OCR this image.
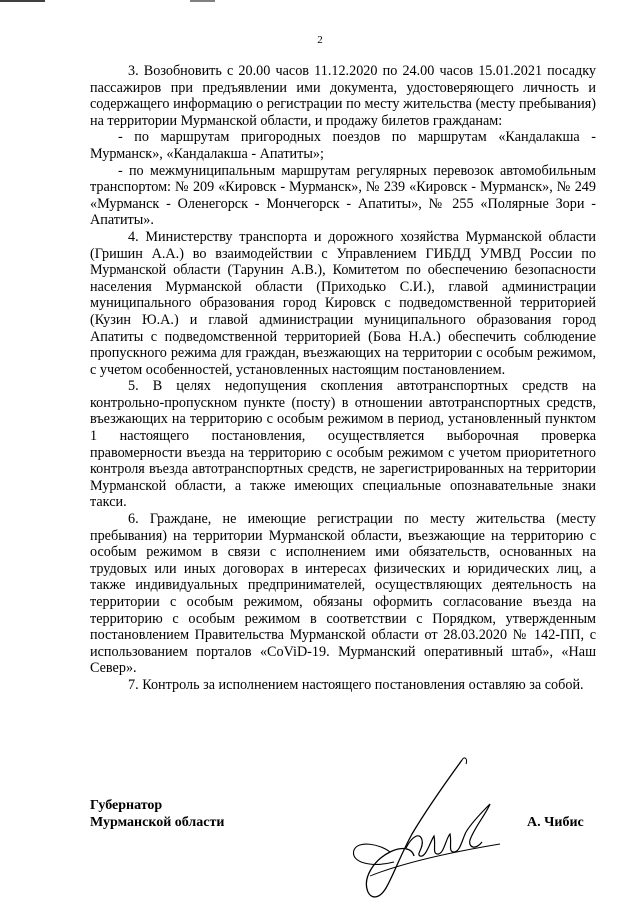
2

3. Возобновить с 20.00 часов 11.12.2020 по 24.00 часов 15.01.2021 посадку пассажиров при предъявлении ими документа, удостоверяющего личность и содержащего информацию о регистрации по месту жительства (месту пребывания) на территории Мурманской области, и продажу билетов гражданам:

- по маршрутам пригородных поездов по маршрутам «Кандалакша - Мурманск», «Кандалакша - Апатиты»;

- по межмуниципальным маршрутам регулярных перевозок автомобильным транспортом: № 209 «Кировск - Мурманск», № 239 «Кировск - Мурманск», № 249 «Мурманск - Оленегорск - Мончегорск - Апатиты», № 255 «Полярные Зори - Апатиты».

4. Министерству транспорта и дорожного хозяйства Мурманской области (Гришин А.А.) во взаимодействии с Управлением ГИБДД УМВД России по Мурманской области (Тарунин А.В.), Комитетом по обеспечению безопасности населения Мурманской области (Приходько С.И.), главой администрации муниципального образования город Кировск с подведомственной территорией (Кузин Ю.А.) и главой администрации муниципального образования город Апатиты с подведомственной территорией (Бова Н.А.) обеспечить соблюдение пропускного режима для граждан, въезжающих на территории с особым режимом, с учетом особенностей, установленных настоящим постановлением.

5. В целях недопущения скопления автотранспортных средств на контрольно-пропускном пункте (посту) в отношении автотранспортных средств, въезжающих на территорию с особым режимом в период, установленный пунктом 1 настоящего постановления, осуществляется выборочная проверка правомерности въезда на территорию с особым режимом с учетом приоритетного контроля въезда автотранспортных средств, не зарегистрированных на территории Мурманской области, а также имеющих специальные опознавательные знаки такси.

6. Граждане, не имеющие регистрации по месту жительства (месту пребывания) на территории Мурманской области, въезжающие на территорию с особым режимом в связи с исполнением ими обязательств, основанных на трудовых или иных договорах в интересах физических и юридических лиц, а также индивидуальных предпринимателей, осуществляющих деятельность на территории с особым режимом, обязаны оформить согласование въезда на территорию с особым режимом в соответствии с Порядком, утвержденным постановлением Правительства Мурманской области от 28.03.2020 № 142-ПП, с использованием порталов «CoViD-19. Мурманский оперативный штаб», «Наш Север».

7. Контроль за исполнением настоящего постановления оставляю за собой.

Губернатор
Мурманской области	А. Чибис
